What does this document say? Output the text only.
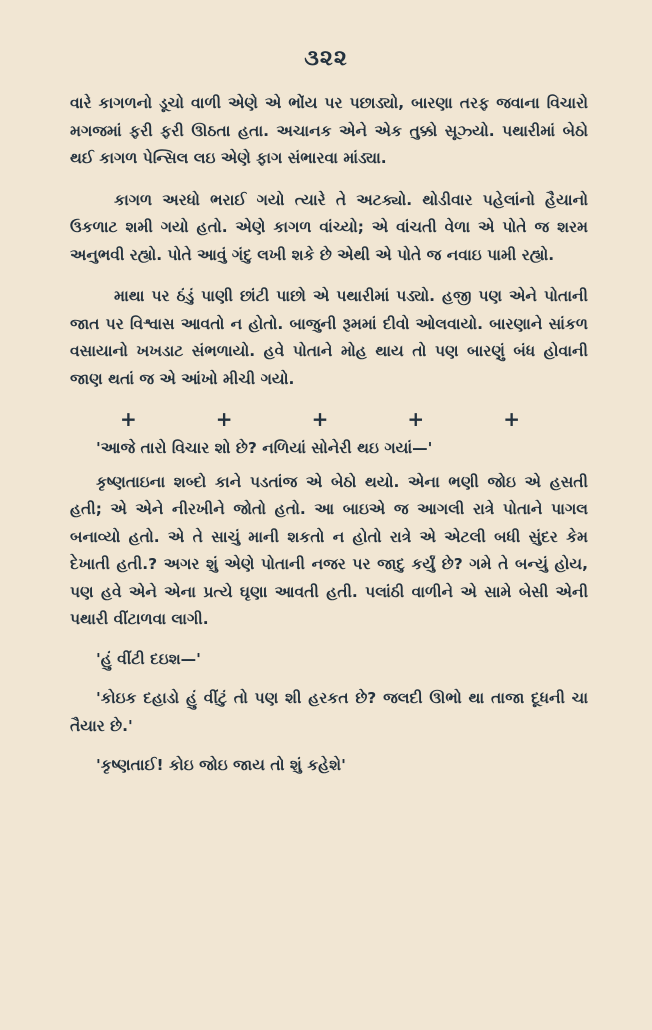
૩૨૨

વારે કાગળનો ડૂચો વાળી એણે એ ભોંય પર પછાડ્યો, બારણા તરફ જવાના વિચારો મગજમાં ફરી ફરી ઊઠતા હતા. અચાનક એને એક તુક્કો સૂઝ્યો. પથારીમાં બેઠો થઈ કાગળ પેન્સિલ લઇ એણે ફાગ સંભારવા માંડ્યા.

કાગળ અરધો ભરાઈ ગયો ત્યારે તે અટક્યો. થોડીવાર પહેલાંનો હૈયાનો ઉકળાટ શમી ગયો હતો. એણે કાગળ વાંચ્યો; એ વાંચતી વેળા એ પોતે જ શરમ અનુભવી રહ્યો. પોતે આવું ગંદુ લખી શકે છે એથી એ પોતે જ નવાઇ પામી રહ્યો.

માથા પર ઠંડું પાણી છાંટી પાછો એ પથારીમાં પડ્યો. હજી પણ એને પોતાની જાત પર વિશ્વાસ આવતો ન હોતો. બાજુની રૂમમાં દીવો ઓલવાયો. બારણાને સાંકળ વસાયાનો ખખડાટ સંભળાયો. હવે પોતાને મોહ થાય તો પણ બારણું બંધ હોવાની જાણ થતાં જ એ આંખો મીચી ગયો.

+	+	+	+	+

'આજે તારો વિચાર શો છે? નળિયાં સોનેરી થઇ ગયાં—'

કૃષ્ણતાઇના શબ્દો કાને પડતાંજ એ બેઠો થયો. એના ભણી જોઇ એ હસતી હતી; એ એને નીરખીને જોતો હતો. આ બાઇએ જ આગલી રાત્રે પોતાને પાગલ બનાવ્યો હતો. એ તે સાચું માની શકતો ન હોતો રાત્રે એ એટલી બધી સુંદર કેમ દેખાતી હતી.? અગર શું એણે પોતાની નજર પર જાદુ કર્યું છે? ગમે તે બન્યું હોય, પણ હવે એને એના પ્રત્યે ઘૃણા આવતી હતી. પલાંઠી વાળીને એ સામે બેસી એની પથારી વીંટાળવા લાગી.

'હું વીંટી દઇશ—'

'કોઇક દહાડો હું વીંટું તો પણ શી હરકત છે? જલદી ઊભો થા તાજા દૂધની ચા તૈયાર છે.'

'કૃષ્ણતાઈ! કોઇ જોઇ જાય તો શું કહેશે'
